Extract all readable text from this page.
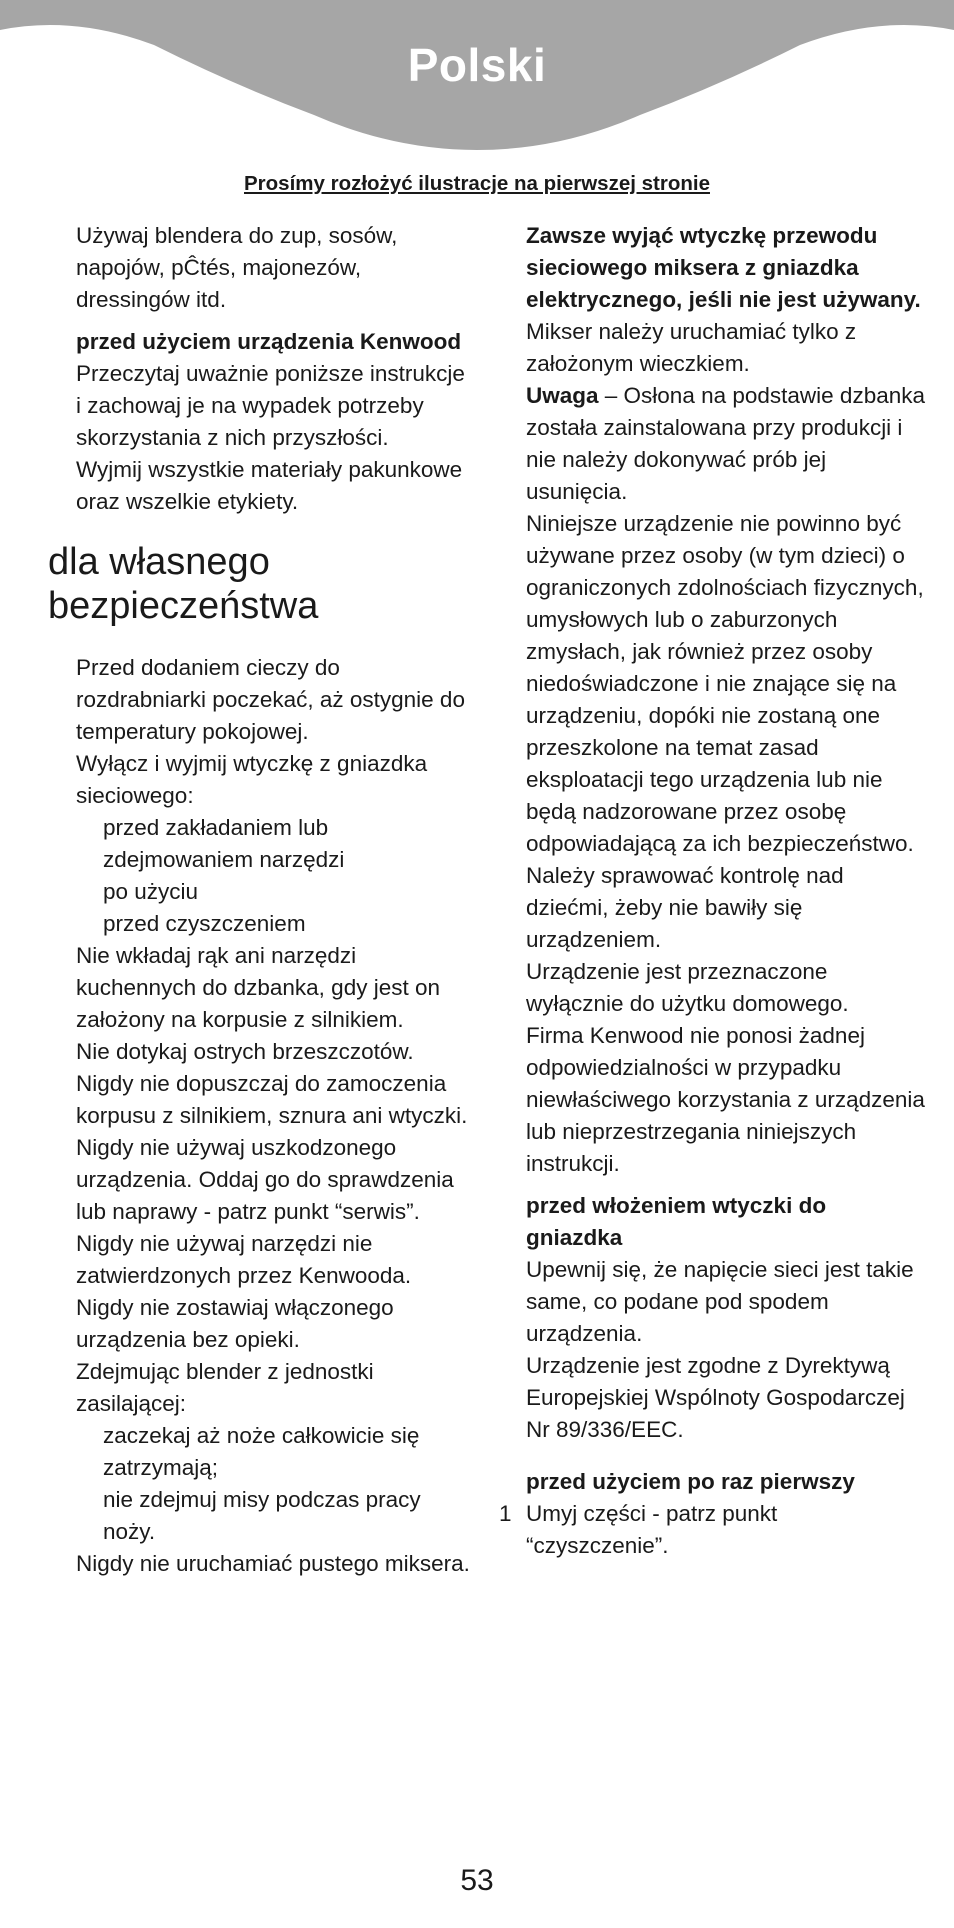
Polski
Prosímy rozłożyć ilustracje na pierwszej stronie

Używaj blendera do zup, sosów, napojów, pĈtés, majonezów, dressingów itd.

przed użyciem urządzenia Kenwood

Przeczytaj uważnie poniższe instrukcje i zachowaj je na wypadek potrzeby skorzystania z nich przyszłości.

Wyjmij wszystkie materiały pakunkowe oraz wszelkie etykiety.

dla własnego bezpieczeństwa

Przed dodaniem cieczy do rozdrabniarki poczekać, aż ostygnie do temperatury pokojowej.

Wyłącz i wyjmij wtyczkę z gniazdka sieciowego:

przed zakładaniem lub zdejmowaniem narzędzi

po użyciu

przed czyszczeniem

Nie wkładaj rąk ani narzędzi kuchennych do dzbanka, gdy jest on założony na korpusie z silnikiem.

Nie dotykaj ostrych brzeszczotów.

Nigdy nie dopuszczaj do zamoczenia korpusu z silnikiem, sznura ani wtyczki.

Nigdy nie używaj uszkodzonego urządzenia. Oddaj go do sprawdzenia lub naprawy - patrz punkt “serwis”.

Nigdy nie używaj narzędzi nie zatwierdzonych przez Kenwooda.

Nigdy nie zostawiaj włączonego urządzenia bez opieki.

Zdejmując blender z jednostki zasilającej:

zaczekaj aż noże całkowicie się zatrzymają;

nie zdejmuj misy podczas pracy noży.

Nigdy nie uruchamiać pustego miksera.

Zawsze wyjąć wtyczkę przewodu sieciowego miksera z gniazdka elektrycznego, jeśli nie jest używany.

Mikser należy uruchamiać tylko z założonym wieczkiem.

Uwaga – Osłona na podstawie dzbanka została zainstalowana przy produkcji i nie należy dokonywać prób jej usunięcia.

Niniejsze urządzenie nie powinno być używane przez osoby (w tym dzieci) o ograniczonych zdolnościach fizycznych, umysłowych lub o zaburzonych zmysłach, jak również przez osoby niedoświadczone i nie znające się na urządzeniu, dopóki nie zostaną one przeszkolone na temat zasad eksploatacji tego urządzenia lub nie będą nadzorowane przez osobę odpowiadającą za ich bezpieczeństwo.

Należy sprawować kontrolę nad dziećmi, żeby nie bawiły się urządzeniem.

Urządzenie jest przeznaczone wyłącznie do użytku domowego.

Firma Kenwood nie ponosi żadnej odpowiedzialności w przypadku niewłaściwego korzystania z urządzenia lub nieprzestrzegania niniejszych instrukcji.

przed włożeniem wtyczki do gniazdka

Upewnij się, że napięcie sieci jest takie same, co podane pod spodem urządzenia.

Urządzenie jest zgodne z Dyrektywą Europejskiej Wspólnoty Gospodarczej Nr 89/336/EEC.

przed użyciem po raz pierwszy

1 Umyj części - patrz punkt “czyszczenie”.

53
